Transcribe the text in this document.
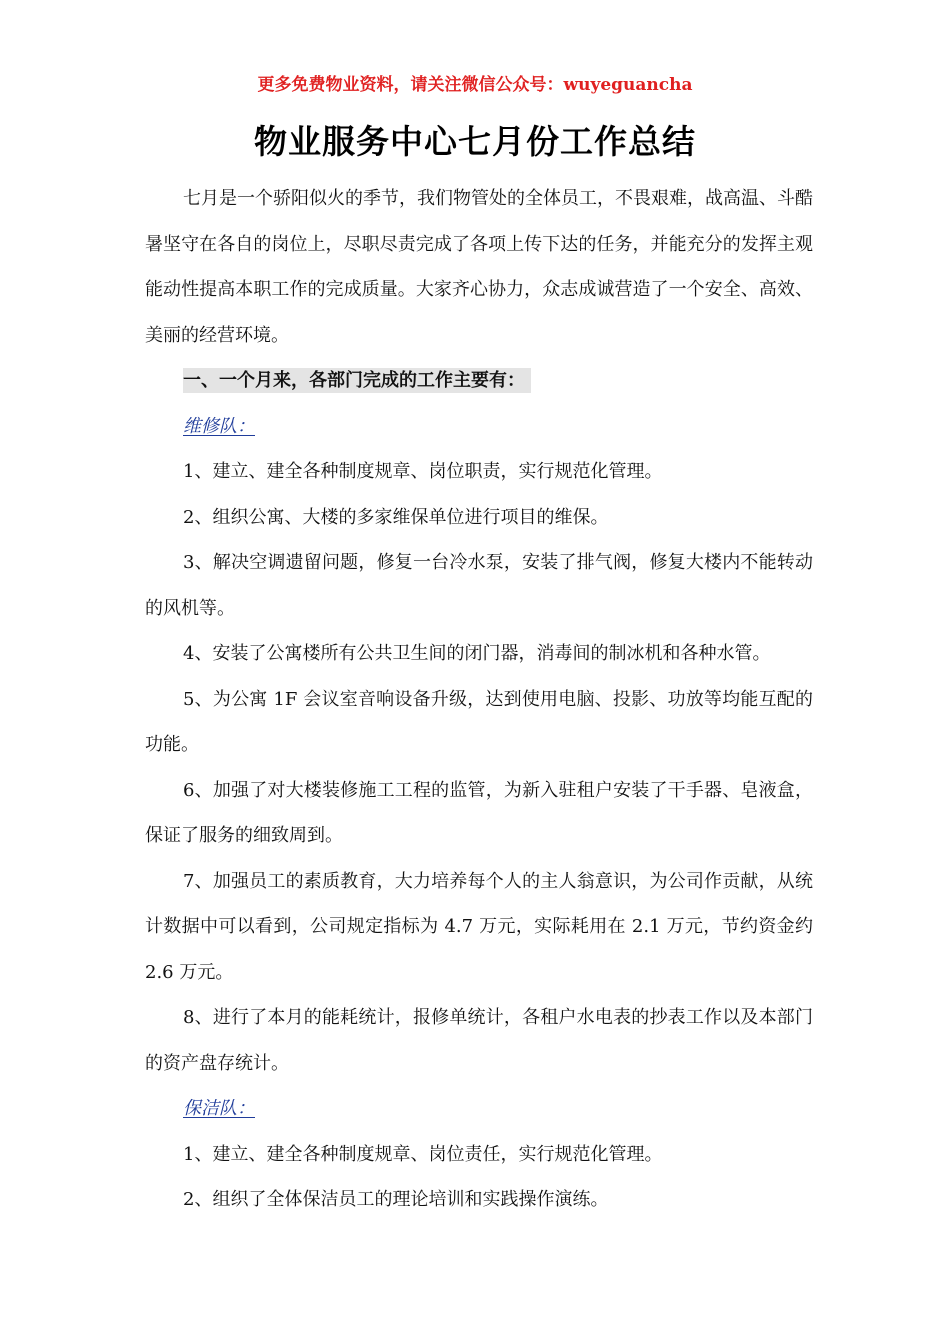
更多免费物业资料，请关注微信公众号：wuyeguancha
物业服务中心七月份工作总结

七月是一个骄阳似火的季节，我们物管处的全体员工，不畏艰难，战高温、斗酷暑坚守在各自的岗位上，尽职尽责完成了各项上传下达的任务，并能充分的发挥主观能动性提高本职工作的完成质量。大家齐心协力，众志成诚营造了一个安全、高效、美丽的经营环境。

一、一个月来，各部门完成的工作主要有：

维修队：

1、建立、建全各种制度规章、岗位职责，实行规范化管理。

2、组织公寓、大楼的多家维保单位进行项目的维保。

3、解决空调遗留问题，修复一台冷水泵，安装了排气阀，修复大楼内不能转动的风机等。

4、安装了公寓楼所有公共卫生间的闭门器，消毒间的制冰机和各种水管。

5、为公寓 1F 会议室音响设备升级，达到使用电脑、投影、功放等均能互配的功能。

6、加强了对大楼装修施工工程的监管，为新入驻租户安装了干手器、皂液盒，保证了服务的细致周到。

7、加强员工的素质教育，大力培养每个人的主人翁意识，为公司作贡献，从统计数据中可以看到，公司规定指标为 4.7 万元，实际耗用在 2.1 万元，节约资金约 2.6 万元。

8、进行了本月的能耗统计，报修单统计，各租户水电表的抄表工作以及本部门的资产盘存统计。

保洁队：

1、建立、建全各种制度规章、岗位责任，实行规范化管理。

2、组织了全体保洁员工的理论培训和实践操作演练。
